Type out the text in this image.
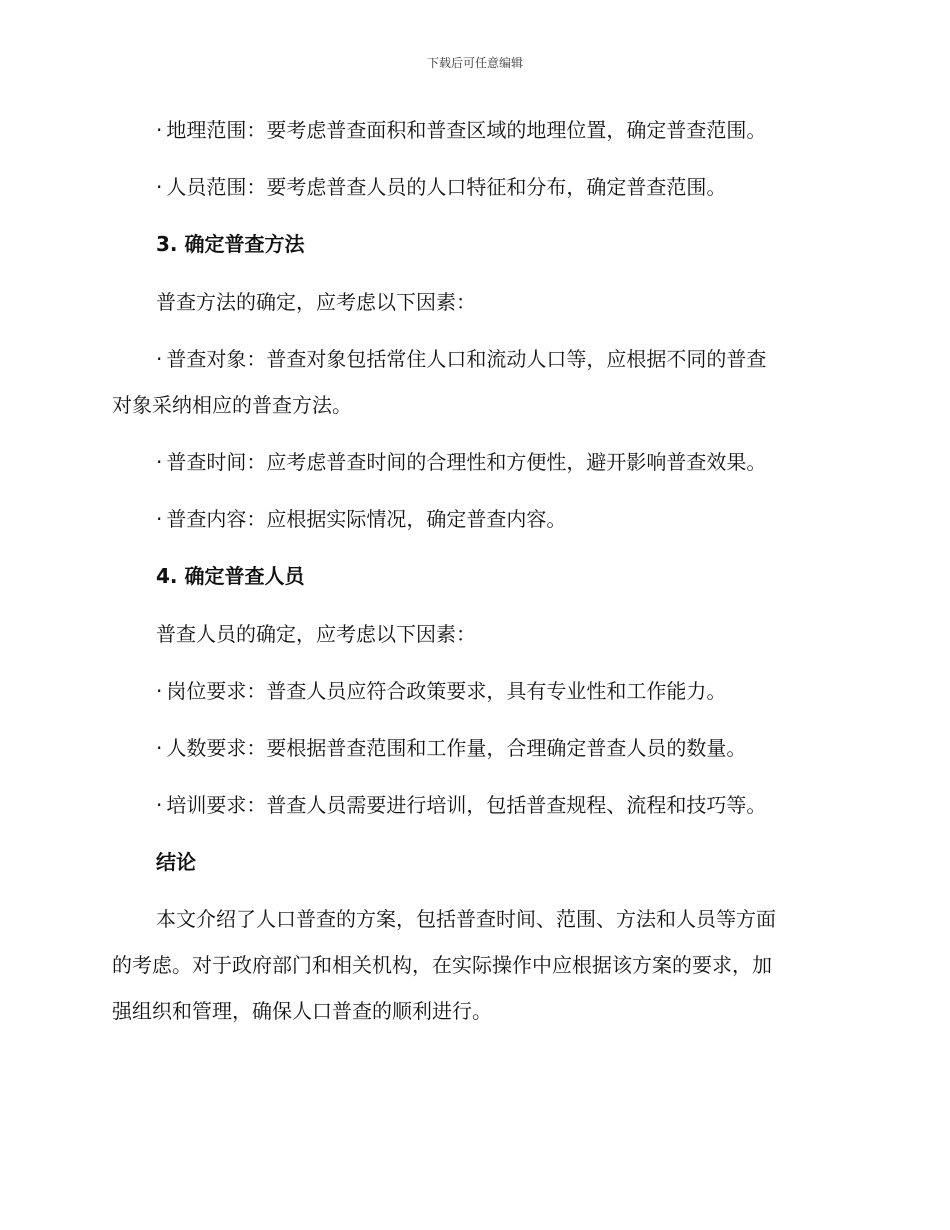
下载后可任意编辑
· 地理范围：要考虑普查面积和普查区域的地理位置，确定普查范围。
· 人员范围：要考虑普查人员的人口特征和分布，确定普查范围。
3. 确定普查方法
普查方法的确定，应考虑以下因素：
· 普查对象：普查对象包括常住人口和流动人口等，应根据不同的普查
对象采纳相应的普查方法。
· 普查时间：应考虑普查时间的合理性和方便性，避开影响普查效果。
· 普查内容：应根据实际情况，确定普查内容。
4. 确定普查人员
普查人员的确定，应考虑以下因素：
· 岗位要求：普查人员应符合政策要求，具有专业性和工作能力。
· 人数要求：要根据普查范围和工作量，合理确定普查人员的数量。
· 培训要求：普查人员需要进行培训，包括普查规程、流程和技巧等。
结论
本文介绍了人口普查的方案，包括普查时间、范围、方法和人员等方面
的考虑。对于政府部门和相关机构，在实际操作中应根据该方案的要求，加
强组织和管理，确保人口普查的顺利进行。
